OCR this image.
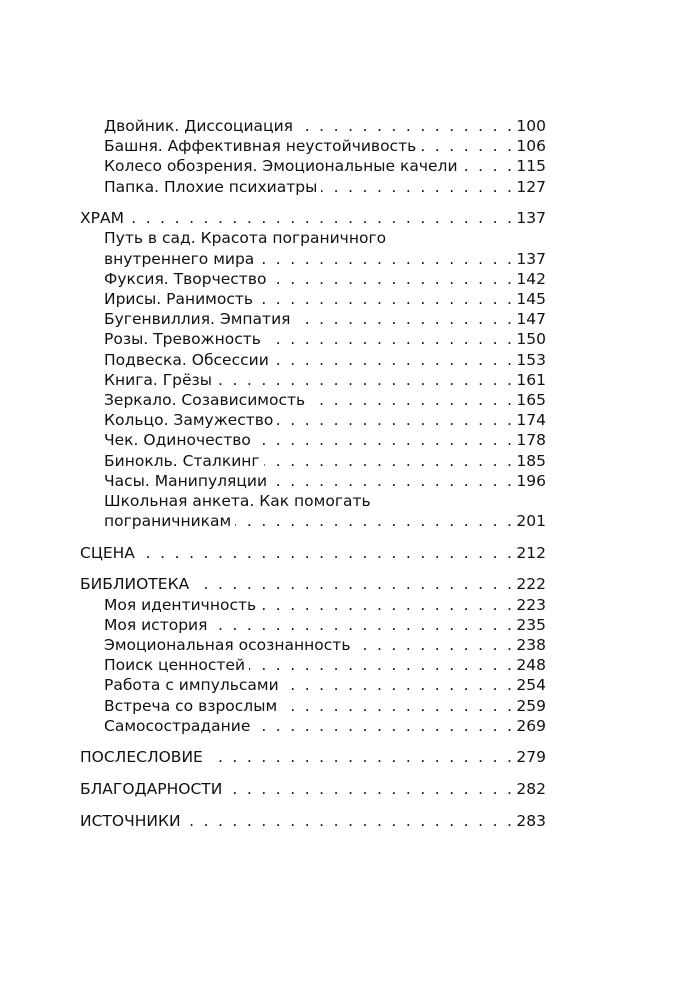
Двойник. Диссоциация . . .	100
Башня. Аффективная неустойчивость . . .	106
Колесо обозрения. Эмоциональные качели . . .	115
Папка. Плохие психиатры . . .	127
ХРАМ . . .	137
Путь в сад. Красота пограничного
внутреннего мира . . .	137
Фуксия. Творчество . . .	142
Ирисы. Ранимость . . .	145
Бугенвиллия. Эмпатия . . .	147
Розы. Тревожность . . .	150
Подвеска. Обсессии . . .	153
Книга. Грёзы . . .	161
Зеркало. Созависимость . . .	165
Кольцо. Замужество . . .	174
Чек. Одиночество . . .	178
Бинокль. Сталкинг . . .	185
Часы. Манипуляции . . .	196
Школьная анкета. Как помогать
пограничникам . . .	201
СЦЕНА . . .	212
БИБЛИОТЕКА . . .	222
Моя идентичность . . .	223
Моя история . . .	235
Эмоциональная осознанность . . .	238
Поиск ценностей . . .	248
Работа с импульсами . . .	254
Встреча со взрослым . . .	259
Самосострадание . . .	269
ПОСЛЕСЛОВИЕ . . .	279
БЛАГОДАРНОСТИ . . .	282
ИСТОЧНИКИ . . .	283
